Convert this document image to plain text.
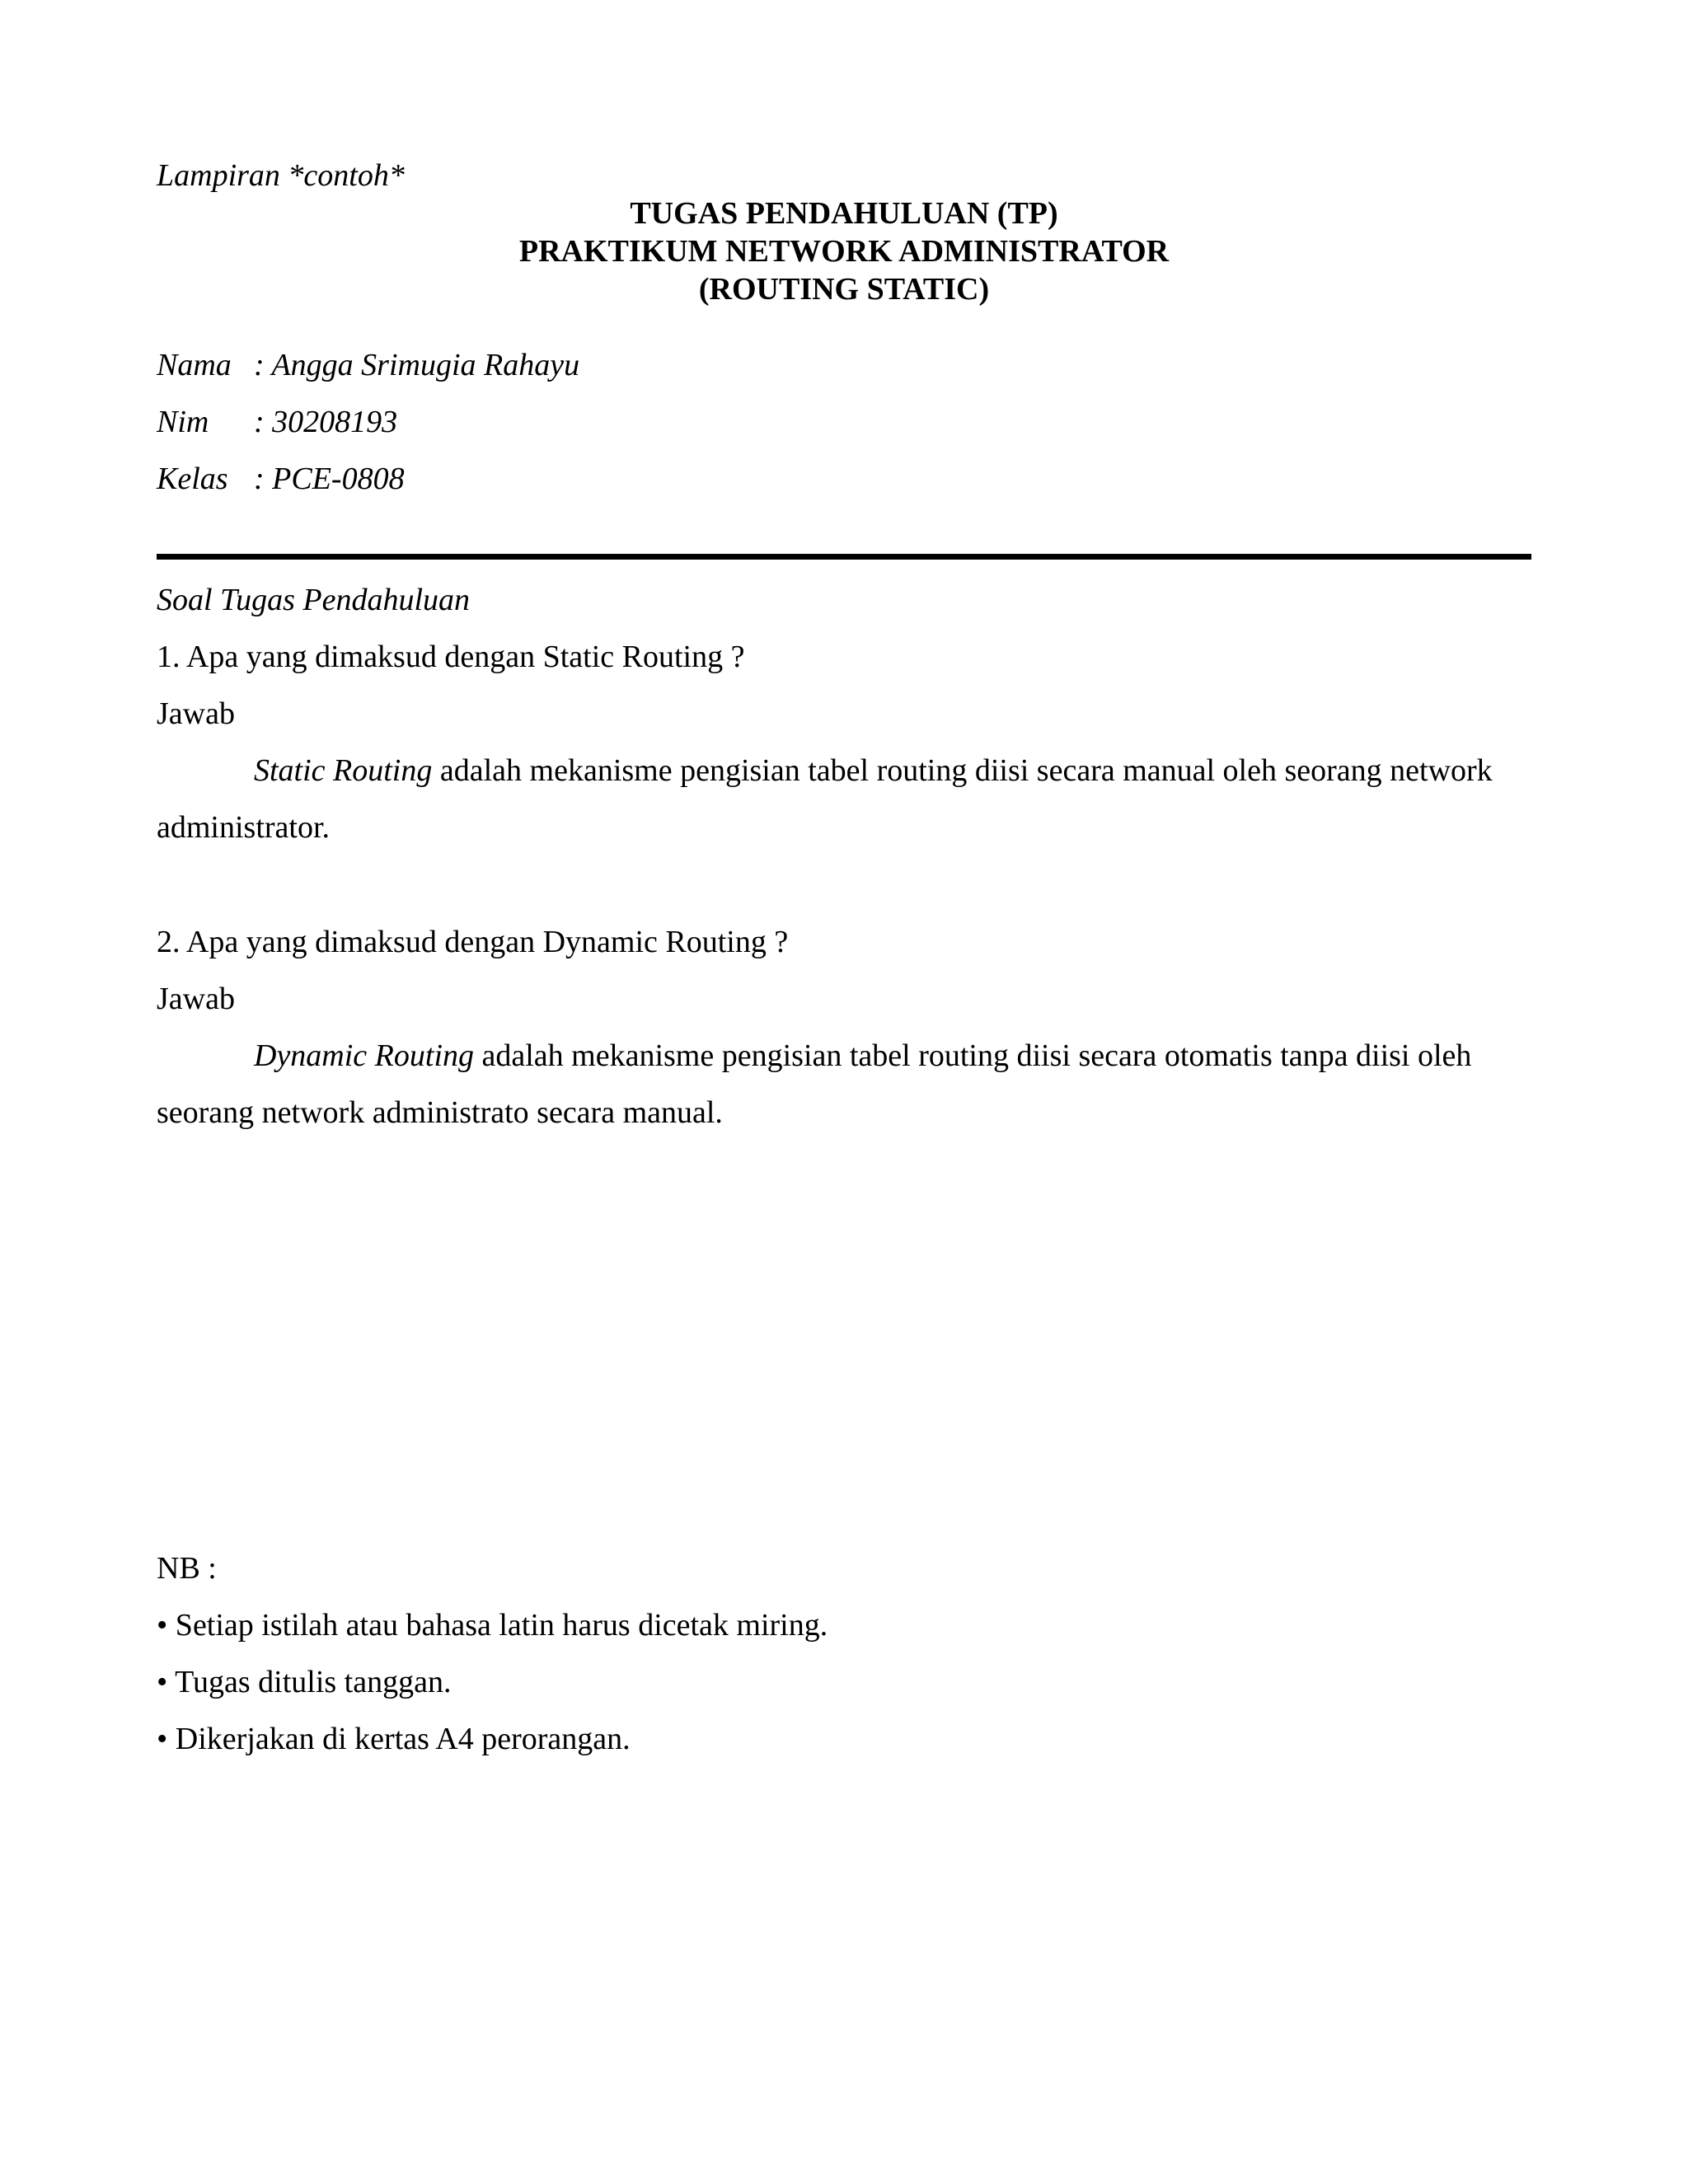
Lampiran *contoh*
TUGAS PENDAHULUAN (TP)
PRAKTIKUM NETWORK ADMINISTRATOR
(ROUTING STATIC)
Nama : Angga Srimugia Rahayu
Nim : 30208193
Kelas : PCE-0808
Soal Tugas Pendahuluan
1. Apa yang dimaksud dengan Static Routing ?
Jawab
Static Routing adalah mekanisme pengisian tabel routing diisi secara manual oleh seorang network administrator.
2. Apa yang dimaksud dengan Dynamic Routing ?
Jawab
Dynamic Routing adalah mekanisme pengisian tabel routing diisi secara otomatis tanpa diisi oleh seorang network administrato secara manual.
NB :
• Setiap istilah atau bahasa latin harus dicetak miring.
• Tugas ditulis tanggan.
• Dikerjakan di kertas A4 perorangan.
